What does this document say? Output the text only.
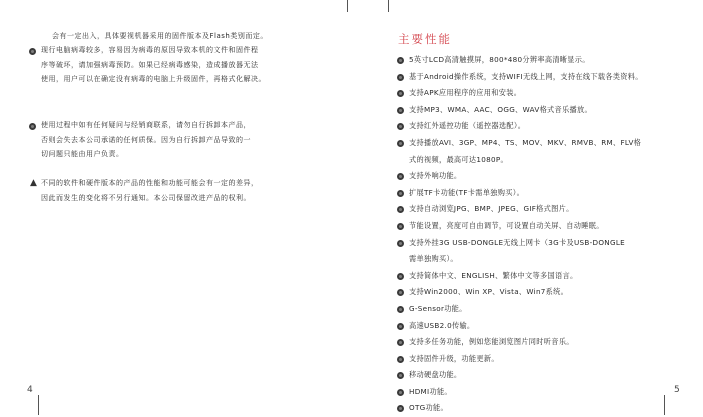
会有一定出入，具体要视机器采用的固件版本及Flash类别而定。
现行电脑病毒较多，容易因为病毒的原因导致本机的文件和固件程
序等破坏，请加强病毒预防。如果已经病毒感染，造成播放器无法
使用，用户可以在确定没有病毒的电脑上升级固件，再格式化解决。
使用过程中如有任何疑问与经销商联系，请勿自行拆卸本产品，
否则会失去本公司承诺的任何质保。因为自行拆卸产品导致的一
切问题只能由用户负责。
▲ 不同的软件和硬件版本的产品的性能和功能可能会有一定的差异，
因此而发生的变化将不另行通知。本公司保留改进产品的权利。
4
主要性能
5英寸LCD高清触摸屏，800*480分辨率高清晰显示。
基于Android操作系统，支持WIFI无线上网，支持在线下载各类资料。
支持APK应用程序的应用和安装。
支持MP3、WMA、AAC、OGG、WAV格式音乐播放。
支持红外遥控功能（遥控器选配）。
支持播放AVI、3GP、MP4、TS、MOV、MKV、RMVB、RM、FLV格
式的视频，最高可达1080P。
支持外响功能。
扩展TF卡功能(TF卡需单独购买）。
支持自动浏览JPG、BMP、JPEG、GIF格式图片。
节能设置，亮度可自由调节，可设置自动关屏、自动睡眠。
支持外挂3G USB-DONGLE无线上网卡（3G卡及USB-DONGLE
需单独购买）。
支持简体中文、ENGLISH、繁体中文等多国语言。
支持Win2000、Win XP、Vista、Win7系统。
G-Sensor功能。
高速USB2.0传输。
支持多任务功能，例如您能浏览图片同时听音乐。
支持固件升级，功能更新。
移动硬盘功能。
HDMI功能。
OTG功能。
5
